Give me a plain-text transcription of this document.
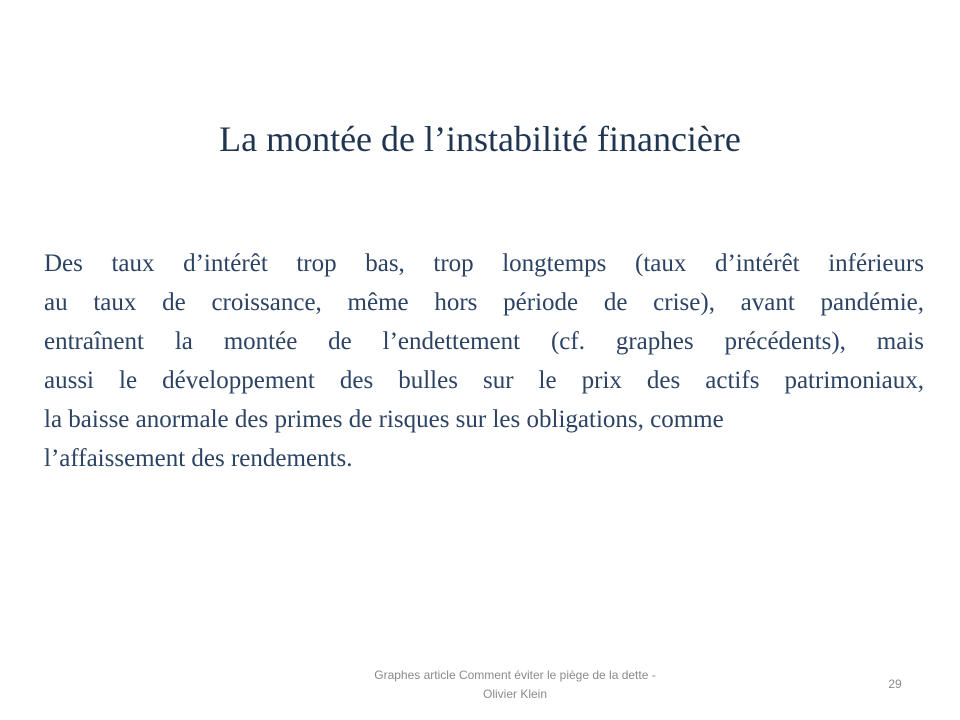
La montée de l’instabilité financière
Des taux d’intérêt trop bas, trop longtemps (taux d’intérêt inférieurs
au taux de croissance, même hors période de crise), avant pandémie,
entraînent la montée de l’endettement (cf. graphes précédents), mais
aussi le développement des bulles sur le prix des actifs patrimoniaux,
la baisse anormale des primes de risques sur les obligations, comme
l’affaissement des rendements.
Graphes article Comment éviter le piège de la dette -
Olivier Klein
29
